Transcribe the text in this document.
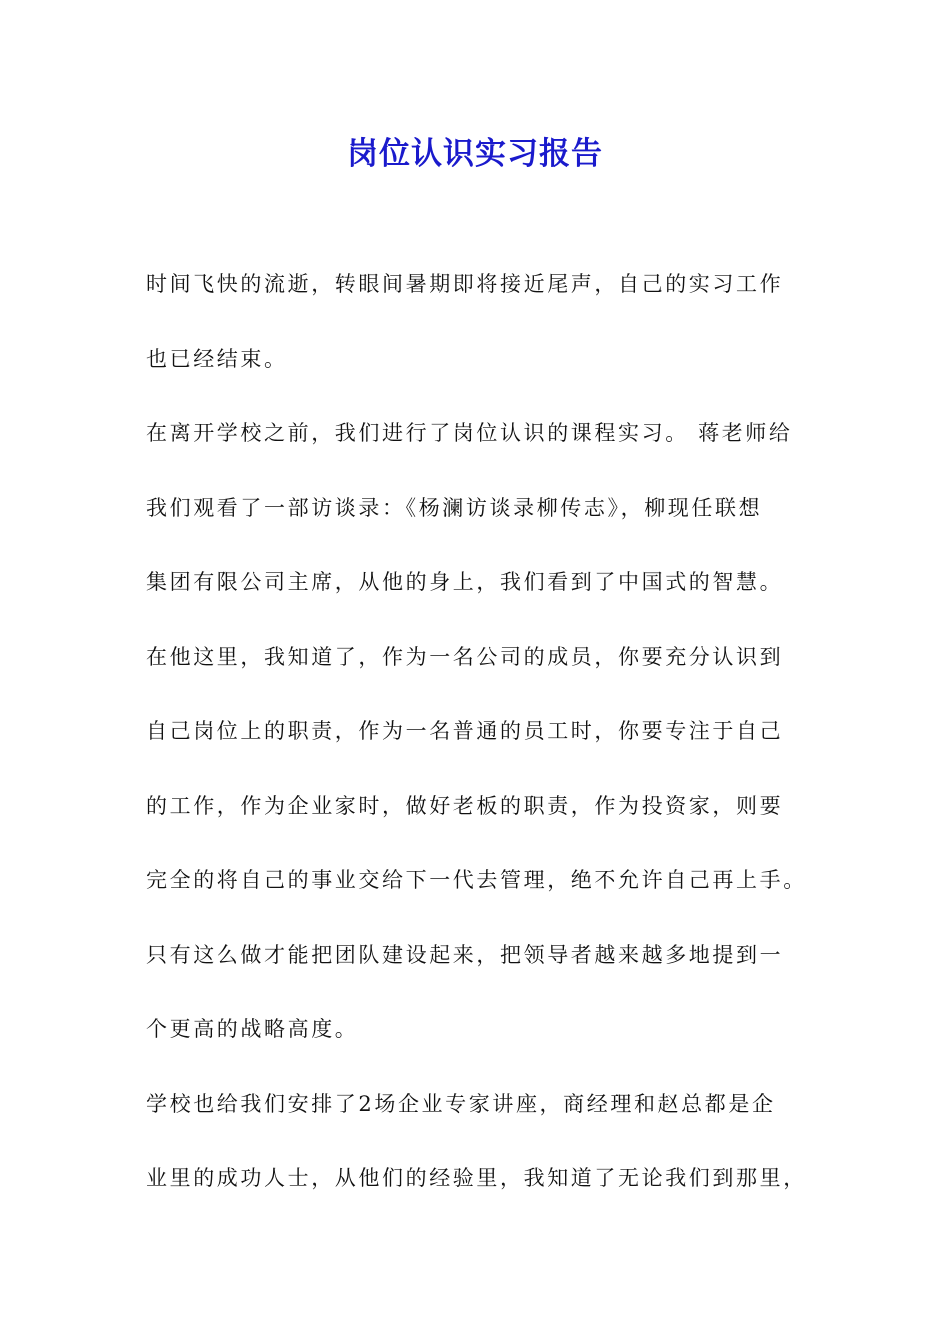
岗位认识实习报告
时间飞快的流逝，转眼间暑期即将接近尾声，自己的实习工作
也已经结束。
在离开学校之前，我们进行了岗位认识的课程实习。 蒋老师给
我们观看了一部访谈录：《杨澜访谈录柳传志》，柳现任联想
集团有限公司主席，从他的身上，我们看到了中国式的智慧。
在他这里，我知道了，作为一名公司的成员，你要充分认识到
自己岗位上的职责，作为一名普通的员工时，你要专注于自己
的工作，作为企业家时，做好老板的职责，作为投资家，则要
完全的将自己的事业交给下一代去管理，绝不允许自己再上手。
只有这么做才能把团队建设起来，把领导者越来越多地提到一
个更高的战略高度。
学校也给我们安排了2场企业专家讲座，商经理和赵总都是企
业里的成功人士，从他们的经验里，我知道了无论我们到那里，
